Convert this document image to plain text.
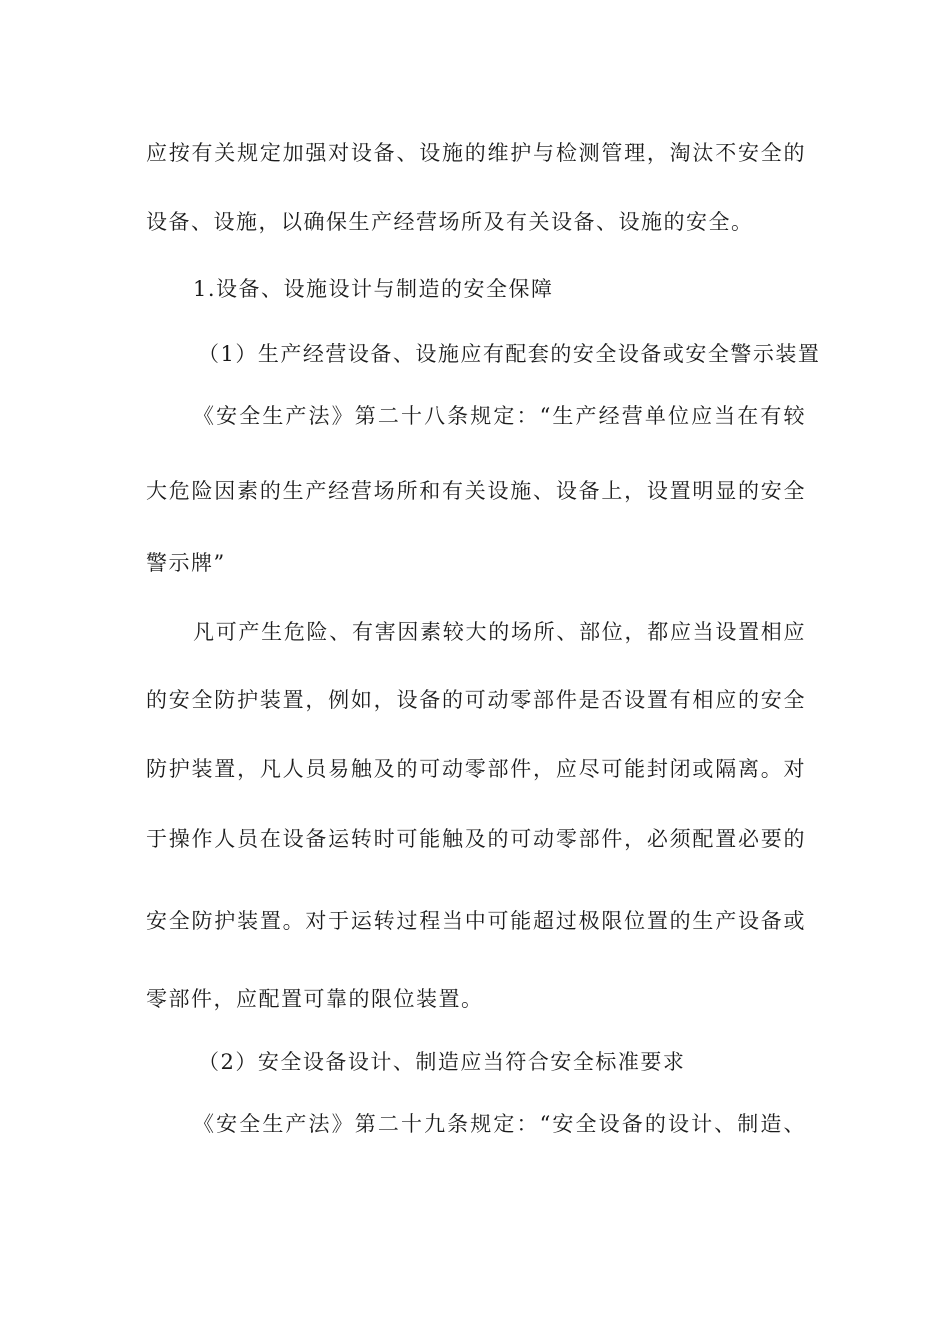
应按有关规定加强对设备、设施的维护与检测管理，淘汰不安全的
设备、设施，以确保生产经营场所及有关设备、设施的安全。
1.设备、设施设计与制造的安全保障
（1）生产经营设备、设施应有配套的安全设备或安全警示装置
《安全生产法》第二十八条规定：“生产经营单位应当在有较
大危险因素的生产经营场所和有关设施、设备上，设置明显的安全
警示牌”
凡可产生危险、有害因素较大的场所、部位，都应当设置相应
的安全防护装置，例如，设备的可动零部件是否设置有相应的安全
防护装置，凡人员易触及的可动零部件，应尽可能封闭或隔离。对
于操作人员在设备运转时可能触及的可动零部件，必须配置必要的
安全防护装置。对于运转过程当中可能超过极限位置的生产设备或
零部件，应配置可靠的限位装置。
（2）安全设备设计、制造应当符合安全标准要求
《安全生产法》第二十九条规定：“安全设备的设计、制造、
